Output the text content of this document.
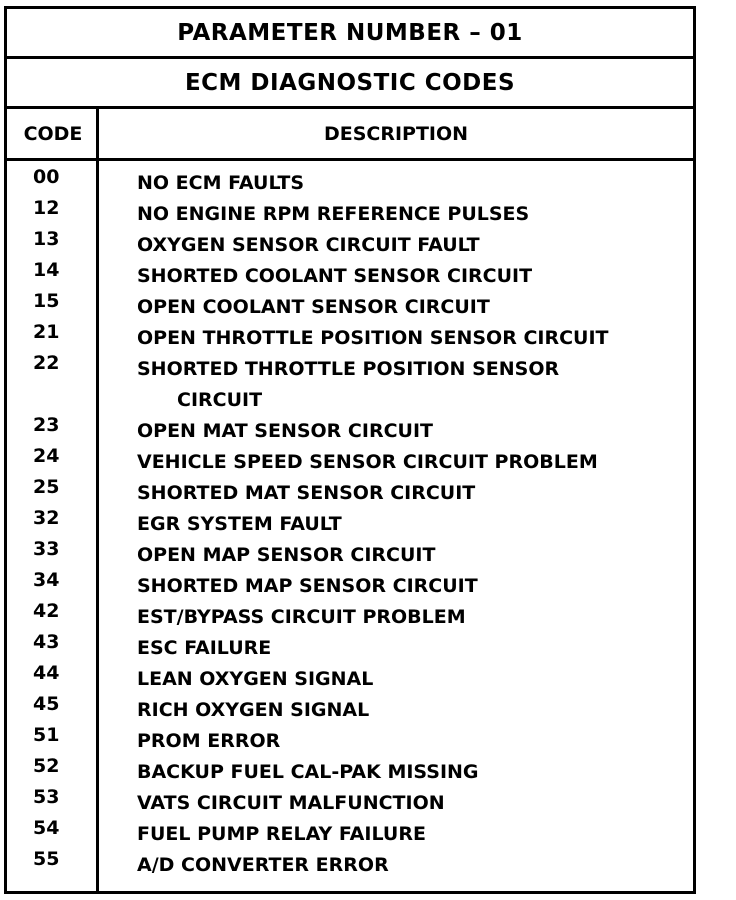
PARAMETER NUMBER – 01
ECM DIAGNOSTIC CODES
CODE	DESCRIPTION
00	NO ECM FAULTS
12	NO ENGINE RPM REFERENCE PULSES
13	OXYGEN SENSOR CIRCUIT FAULT
14	SHORTED COOLANT SENSOR CIRCUIT
15	OPEN COOLANT SENSOR CIRCUIT
21	OPEN THROTTLE POSITION SENSOR CIRCUIT
22	SHORTED THROTTLE POSITION SENSOR
CIRCUIT
23	OPEN MAT SENSOR CIRCUIT
24	VEHICLE SPEED SENSOR CIRCUIT PROBLEM
25	SHORTED MAT SENSOR CIRCUIT
32	EGR SYSTEM FAULT
33	OPEN MAP SENSOR CIRCUIT
34	SHORTED MAP SENSOR CIRCUIT
42	EST/BYPASS CIRCUIT PROBLEM
43	ESC FAILURE
44	LEAN OXYGEN SIGNAL
45	RICH OXYGEN SIGNAL
51	PROM ERROR
52	BACKUP FUEL CAL-PAK MISSING
53	VATS CIRCUIT MALFUNCTION
54	FUEL PUMP RELAY FAILURE
55	A/D CONVERTER ERROR
